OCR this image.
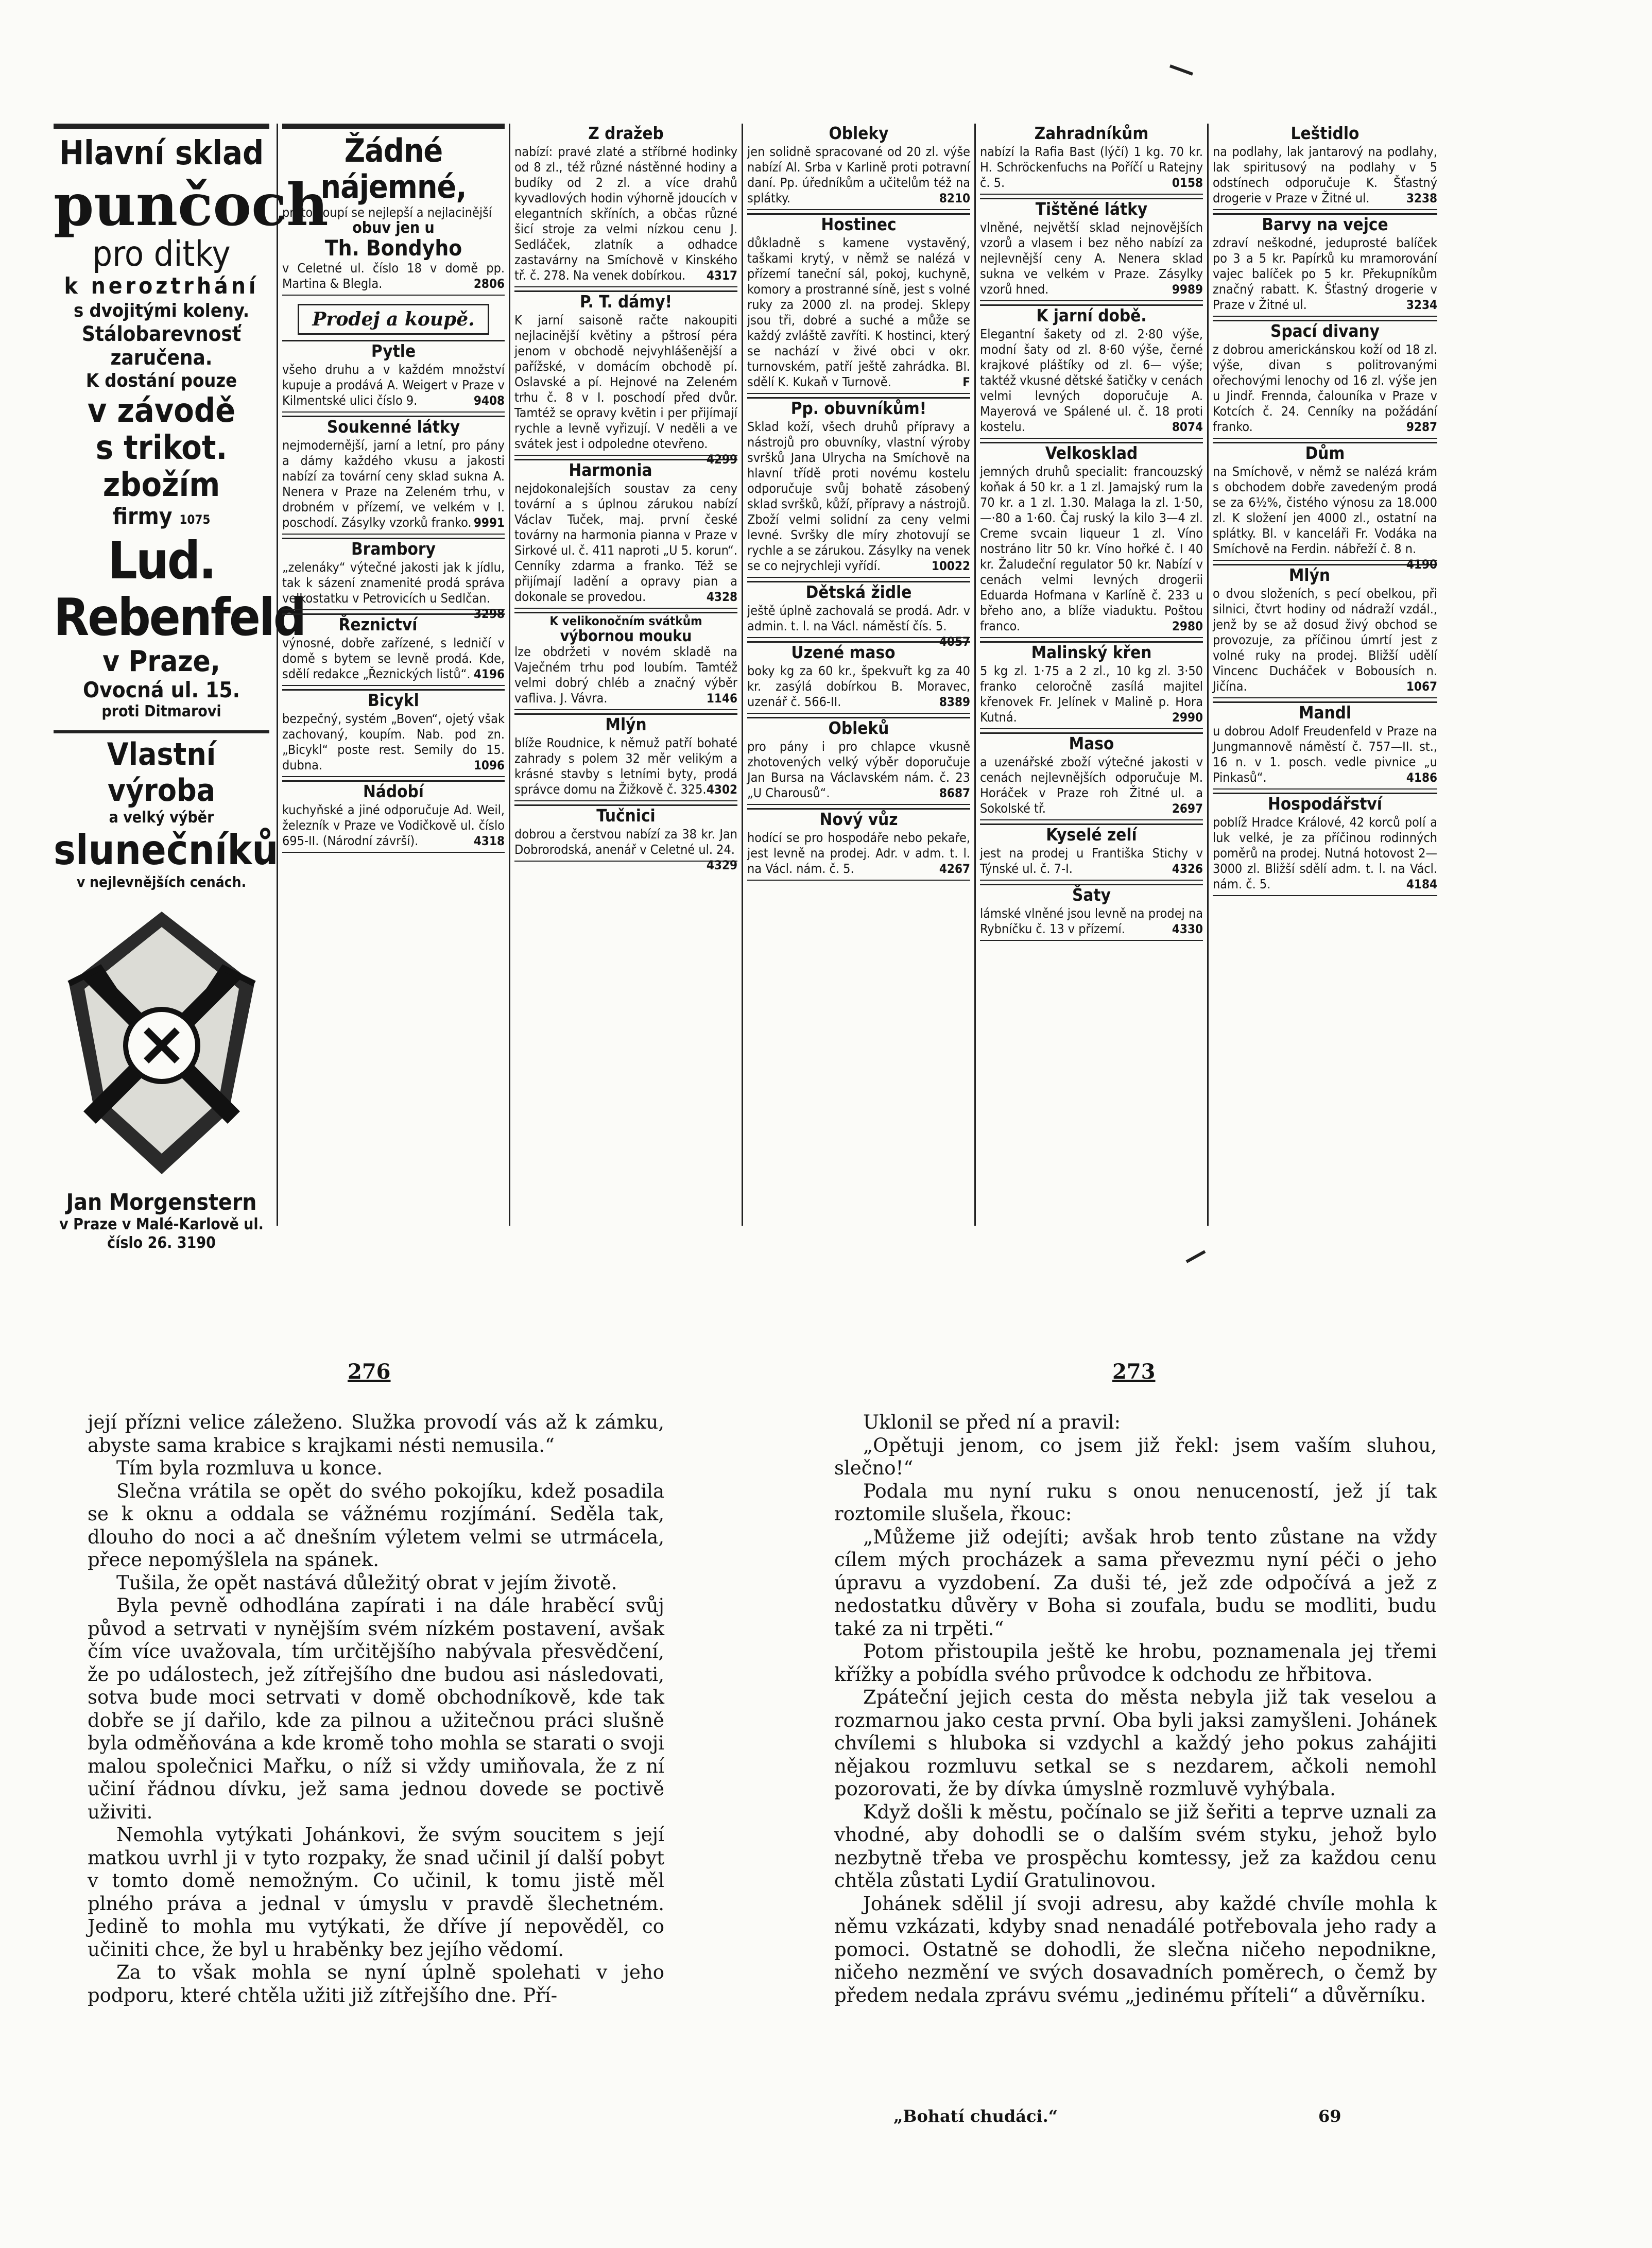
Hlavní sklad
punčoch
pro ditky
k neroztrhání
s dvojitými koleny.
Stálobarevnosť zaručena.
K dostání pouze
v závodě
s trikot. zbožím
firmy 1075
Lud. Rebenfeld
v Praze,
Ovocná ul. 15.
proti Ditmarovi
Vlastní výroba
a velký výběr
slunečníků
v nejlevnějších cenách.
Jan Morgenstern
v Praze v Malé-Karlově ul. číslo 26. 3190
Žádné nájemné,
proto koupí se nejlepší a nejlacinější
obuv jen u
Th. Bondyho
v Celetné ul. číslo 18 v domě pp. Martina & Blegla.	2806
Prodej a koupě.
Pytle
všeho druhu a v každém množství kupuje a prodává A. Weigert v Praze v Kilmentské ulici číslo 9.	9408
Soukenné látky
nejmodernější, jarní a letní, pro pány a dámy každého vkusu a jakosti nabízí za tovární ceny sklad sukna A. Nenera v Praze na Zeleném trhu, v drobném v přízemí, ve velkém v I. poschodí. Zásylky vzorků franko. 9991
Brambory
„zelenáky“ výtečné jakosti jak k jídlu, tak k sázení znamenité prodá správa velkostatku v Petrovicích u Sedlčan.
3298
Řeznictví
výnosné, dobře zařízené, s ledničí v domě s bytem se levně prodá. Kde, sdělí redakce „Řeznických listů“. 4196
Bicykl
bezpečný, systém „Boven“, ojetý však zachovaný, koupím. Nab. pod zn. „Bicykl“ poste rest. Semily do 15. dubna.	1096
Nádobí
kuchyňské a jiné odporučuje Ad. Weil, železník v Praze ve Vodičkově ul. číslo 695-II. (Národní závrší).	4318
Z dražeb
nabízí: pravé zlaté a stříbrné hodinky od 8 zl., též různé nástěnné hodiny a budíky od 2 zl. a více drahů kyvadlových hodin výhorně jdoucích v elegantních skříních, a občas různé šicí stroje za velmi nízkou cenu J. Sedláček, zlatník a odhadce zastavárny na Smíchově v Kinského tř. č. 278. Na venek dobírkou. 4317
P. T. dámy!
K jarní saisoně račte nakoupiti nejlacinější květiny a pštrosí péra jenom v obchodě nejvyhlášenější a pařížské, v domácím obchodě pí. Oslavské a pí. Hejnové na Zeleném trhu č. 8 v I. poschodí před dvůr. Tamtéž se opravy květin i per přijímají rychle a levně vyřizují. V neděli a ve svátek jest i odpoledne otevřeno.
4299
Harmonia
nejdokonalejších soustav za ceny tovární a s úplnou zárukou nabízí Václav Tuček, maj. první české továrny na harmonia pianna v Praze v Sirkové ul. č. 411 naproti „U 5. korun“. Cenníky zdarma a franko. Též se přijímají ladění a opravy pian a dokonale se provedou.	4328
K velikonočním svátkům
výbornou mouku
lze obdržeti v novém skladě na Vaječném trhu pod loubím. Tamtéž velmi dobrý chléb a značný výběr vafliva. J. Vávra.	1146
Mlýn
blíže Roudnice, k němuž patří bohaté zahrady s polem 32 měr velikým a krásné stavby s letními byty, prodá správce domu na Žižkově č. 325. 4302
Tučnici
dobrou a čerstvou nabízí za 38 kr. Jan Dobrorodská, anenář v Celetné ul. 24.
4329
Obleky
jen solidně spracované od 20 zl. výše nabízí Al. Srba v Karlině proti potravní daní. Pp. úředníkům a učitelům též na splátky.	8210
Hostinec
důkladně s kamene vystavěný, taškami krytý, v němž se nalézá v přízemí taneční sál, pokoj, kuchyně, komory a prostranné síně, jest s volné ruky za 2000 zl. na prodej. Sklepy jsou tři, dobré a suché a může se každý zvláště zavříti. K hostinci, který se nachází v živé obci v okr. turnovském, patří ještě zahrádka. Bl. sdělí K. Kukaň v Turnově.	F
Pp. obuvníkům!
Sklad koží, všech druhů přípravy a nástrojů pro obuvníky, vlastní výroby svršků Jana Ulrycha na Smíchově na hlavní třídě proti novému kostelu odporučuje svůj bohatě zásobený sklad svršků, kůží, přípravy a nástrojů. Zboží velmi solidní za ceny velmi levné. Svršky dle míry zhotovují se rychle a se zárukou. Zásylky na venek se co nejrychleji vyřídí.	10022
Dětská židle
ještě úplně zachovalá se prodá. Adr. v admin. t. l. na Václ. náměstí čís. 5.
4057
Uzené maso
boky kg za 60 kr., špekvuřt kg za 40 kr. zasýlá dobírkou B. Moravec, uzenář č. 566-II.	8389
Obleků
pro pány i pro chlapce vkusně zhotovených velký výběr doporučuje Jan Bursa na Václavském nám. č. 23 „U Charousů“.	8687
Nový vůz
hodící se pro hospodáře nebo pekaře, jest levně na prodej. Adr. v adm. t. l. na Václ. nám. č. 5.	4267
Zahradníkům
nabízí la Rafia Bast (lýčí) 1 kg. 70 kr. H. Schröckenfuchs na Poříčí u Ratejny č. 5.	0158
Tištěné látky
vlněné, největší sklad nejnovějších vzorů a vlasem i bez něho nabízí za nejlevnější ceny A. Nenera sklad sukna ve velkém v Praze. Zásylky vzorů hned.	9989
K jarní době.
Elegantní šakety od zl. 2·80 výše, modní šaty od zl. 8·60 výše, černé krajkové pláštíky od zl. 6— výše; taktéž vkusné dětské šatičky v cenách velmi levných doporučuje A. Mayerová ve Spálené ul. č. 18 proti kostelu.	8074
Velkosklad
jemných druhů specialit: francouzský koňak á 50 kr. a 1 zl. Jamajský rum la 70 kr. a 1 zl. 1.30. Malaga la zl. 1·50, —·80 a 1·60. Čaj ruský la kilo 3—4 zl. Creme svcain liqueur 1 zl. Víno nostráno litr 50 kr. Víno hořké č. I 40 kr. Žaludeční regulator 50 kr. Nabízí v cenách velmi levných drogerii Eduarda Hofmana v Karlíně č. 233 u břeho ano, a blíže viaduktu. Poštou franco.	2980
Malinský křen
5 kg zl. 1·75 a 2 zl., 10 kg zl. 3·50 franko celoročně zasílá majitel křenovek Fr. Jelínek v Malině p. Hora Kutná.	2990
Maso
a uzenářské zboží výtečné jakosti v cenách nejlevnějších odporučuje M. Horáček v Praze roh Žitné ul. a Sokolské tř.	2697
Kyselé zelí
jest na prodej u Františka Stichy v Týnské ul. č. 7-I.	4326
Šaty
lámské vlněné jsou levně na prodej na Rybníčku č. 13 v přízemí.	4330
Leštidlo
na podlahy, lak jantarový na podlahy, lak spiritusový na podlahy v 5 odstínech odporučuje K. Šťastný drogerie v Praze v Žitné ul.	3238
Barvy na vejce
zdraví neškodné, jeduprosté balíček po 3 a 5 kr. Papírků ku mramorování vajec balíček po 5 kr. Překupníkům značný rabatt. K. Šťastný drogerie v Praze v Žitné ul.	3234
Spací divany
z dobrou americkánskou koží od 18 zl. výše, divan s politrovanými ořechovými lenochy od 16 zl. výše jen u Jindř. Frennda, čalouníka v Praze v Kotcích č. 24. Cenníky na požádání franko.	9287
Dům
na Smíchově, v němž se nalézá krám s obchodem dobře zavedeným prodá se za 6½%, čistého výnosu za 18.000 zl. K složení jen 4000 zl., ostatní na splátky. Bl. v kanceláři Fr. Vodáka na Smíchově na Ferdin. nábřeží č. 8 n.
4190
Mlýn
o dvou složeních, s pecí obelkou, při silnici, čtvrt hodiny od nádraží vzdál., jenž by se až dosud živý obchod se provozuje, za příčinou úmrtí jest z volné ruky na prodej. Bližší udělí Vincenc Ducháček v Bobousích n. Jičína.	1067
Mandl
u dobrou Adolf Freudenfeld v Praze na Jungmannově náměstí č. 757—II. st., 16 n. v 1. posch. vedle pivnice „u Pinkasů“.	4186
Hospodářství
poblíž Hradce Králové, 42 korců polí a luk velké, je za příčinou rodinných poměrů na prodej. Nutná hotovost 2—3000 zl. Bližší sdělí adm. t. l. na Václ. nám. č. 5.	4184
276	273

její přízni velice záleženo. Služka provodí vás až k zámku, abyste sama krabice s krajkami nésti nemusila.“

Tím byla rozmluva u konce.

Slečna vrátila se opět do svého pokojíku, kdež posadila se k oknu a oddala se vážnému rozjímání. Seděla tak, dlouho do noci a ač dnešním výletem velmi se utrmácela, přece nepomýšlela na spánek.

Tušila, že opět nastává důležitý obrat v jejím životě.

Byla pevně odhodlána zapírati i na dále hraběcí svůj původ a setrvati v nynějším svém nízkém postavení, avšak čím více uvažovala, tím určitějšího nabývala přesvědčení, že po událostech, jež zítřejšího dne budou asi následovati, sotva bude moci setrvati v domě obchodníkově, kde tak dobře se jí dařilo, kde za pilnou a užitečnou práci slušně byla odměňována a kde kromě toho mohla se starati o svoji malou společnici Mařku, o níž si vždy umiňovala, že z ní učiní řádnou dívku, jež sama jednou dovede se poctivě uživiti.

Nemohla vytýkati Johánkovi, že svým soucitem s její matkou uvrhl ji v tyto rozpaky, že snad učinil jí další pobyt v tomto domě nemožným. Co učinil, k tomu jistě měl plného práva a jednal v úmyslu v pravdě šlechetném. Jedině to mohla mu vytýkati, že dříve jí nepověděl, co učiniti chce, že byl u hraběnky bez jejího vědomí.

Za to však mohla se nyní úplně spolehati v jeho podporu, které chtěla užiti již zítřejšího dne. Pří-

Uklonil se před ní a pravil:

„Opětuji jenom, co jsem již řekl: jsem vaším sluhou, slečno!“

Podala mu nyní ruku s onou nenuceností, jež jí tak roztomile slušela, řkouc:

„Můžeme již odejíti; avšak hrob tento zůstane na vždy cílem mých procházek a sama převezmu nyní péči o jeho úpravu a vyzdobení. Za duši té, jež zde odpočívá a jež z nedostatku důvěry v Boha si zoufala, budu se modliti, budu také za ni trpěti.“

Potom přistoupila ještě ke hrobu, poznamenala jej třemi křížky a pobídla svého průvodce k odchodu ze hřbitova.

Zpáteční jejich cesta do města nebyla již tak veselou a rozmarnou jako cesta první. Oba byli jaksi zamyšleni. Johánek chvílemi s hlubokа si vzdychl a každý jeho pokus zahájiti nějakou rozmluvu setkal se s nezdarem, ačkoli nemohl pozorovati, že by dívka úmyslně rozmluvě vyhýbala.

Když došli k městu, počínalo se již šeřiti a teprve uznali za vhodné, aby dohodli se o dalším svém styku, jehož bylo nezbytně třeba ve prospěchu komtessy, jež za každou cenu chtěla zůstati Lydií Gratulinovou.

Johánek sdělil jí svoji adresu, aby každé chvíle mohla k němu vzkázati, kdyby snad nenadálé potřebovala jeho rady a pomoci. Ostatně se dohodli, že slečna ničeho nepodnikne, ničeho nezmění ve svých dosavadních poměrech, o čemž by předem nedala zprávu svému „jedinému příteli“ a důvěrníku.

„Bohatí chudáci.“	69
